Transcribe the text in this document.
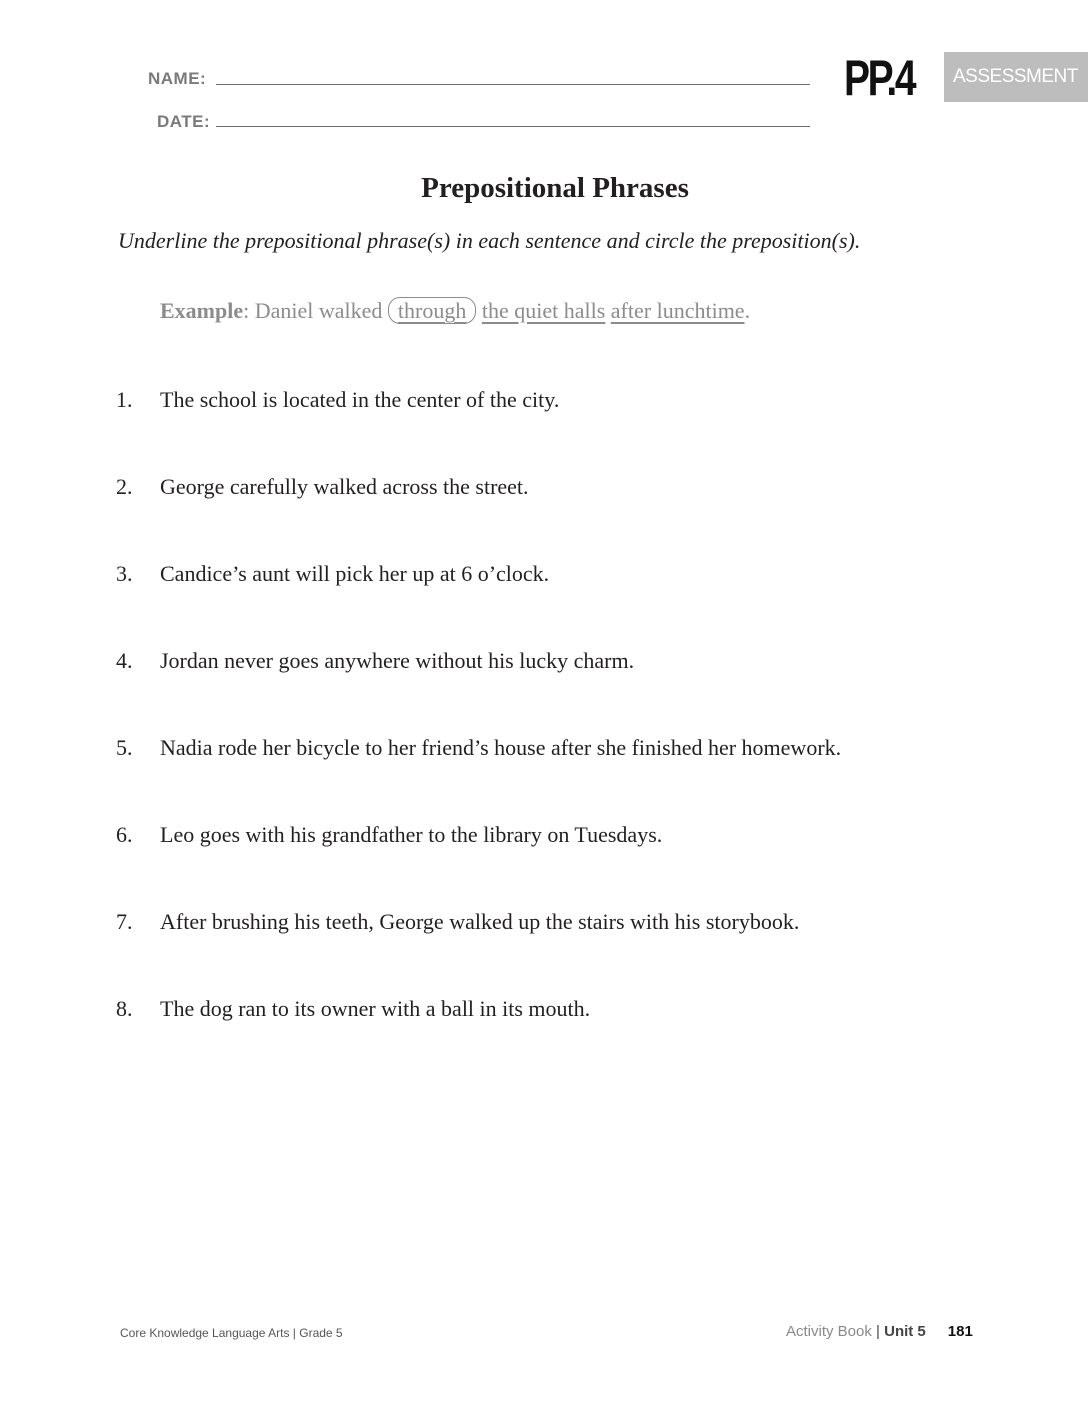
NAME:
DATE:
PP.4	ASSESSMENT
Prepositional Phrases
Underline the prepositional phrase(s) in each sentence and circle the preposition(s).
Example: Daniel walked through the quiet halls after lunchtime.
1. The school is located in the center of the city.
2. George carefully walked across the street.
3. Candice’s aunt will pick her up at 6 o’clock.
4. Jordan never goes anywhere without his lucky charm.
5. Nadia rode her bicycle to her friend’s house after she finished her homework.
6. Leo goes with his grandfather to the library on Tuesdays.
7. After brushing his teeth, George walked up the stairs with his storybook.
8. The dog ran to its owner with a ball in its mouth.
Core Knowledge Language Arts | Grade 5	Activity Book | Unit 5 181
